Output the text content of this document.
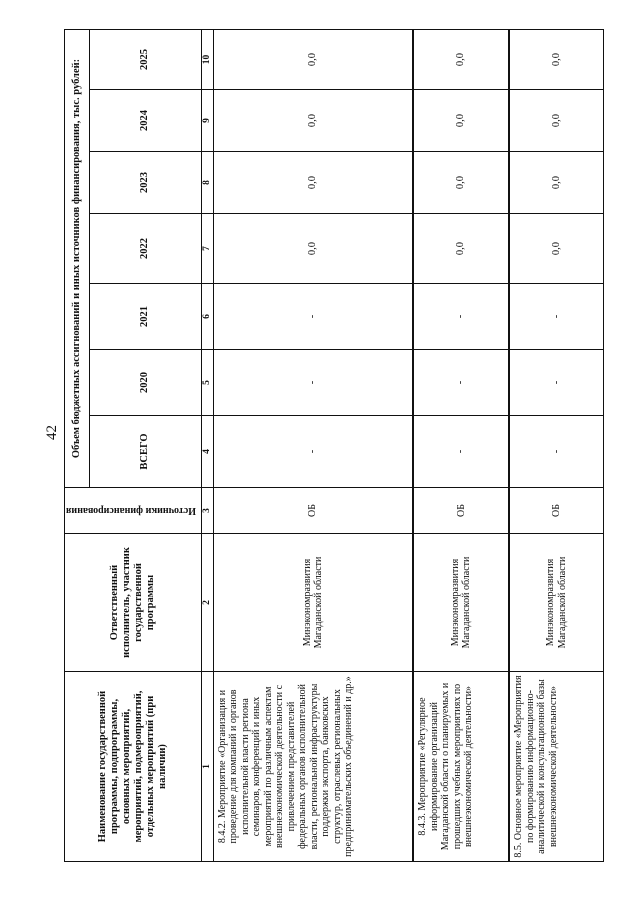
42
Наименование государственной программы, подпрограммы, основных мероприятий, мероприятий, подмероприятий, отдельных мероприятий (при наличии)	Ответственный исполнитель, участник государственной программы	Источники финансирования	Объем бюджетных ассигнований и иных источников финансирования, тыс. рублей:						
			ВСЕГО	2020	2021	2022	2023	2024	2025
1	2	3	4	5	6	7	8	9	10
8.4.2. Мероприятие «Организация и проведение для компаний и органов исполнительной власти региона семинаров, конференций и иных мероприятий по различным аспектам внешнеэкономической деятельности с привлечением представителей федеральных органов исполнительной власти, региональной инфраструктуры поддержки экспорта, банковских структур, отраслевых региональных предпринимательских объединений и др.»	Минэкономразвития Магаданской области	ОБ	-	-	-	0,0	0,0	0,0	0,0
8.4.3. Мероприятие «Регулярное информирование организаций Магаданской области о планируемых и прошедших учебных мероприятиях по внешнеэкономической деятельности»	Минэкономразвития Магаданской области	ОБ	-	-	-	0,0	0,0	0,0	0,0
8.5. Основное мероприятие «Мероприятия по формированию информационно-аналитической и консультационной базы внешнеэкономической деятельности»	Минэкономразвития Магаданской области	ОБ	-	-	-	0,0	0,0	0,0	0,0
